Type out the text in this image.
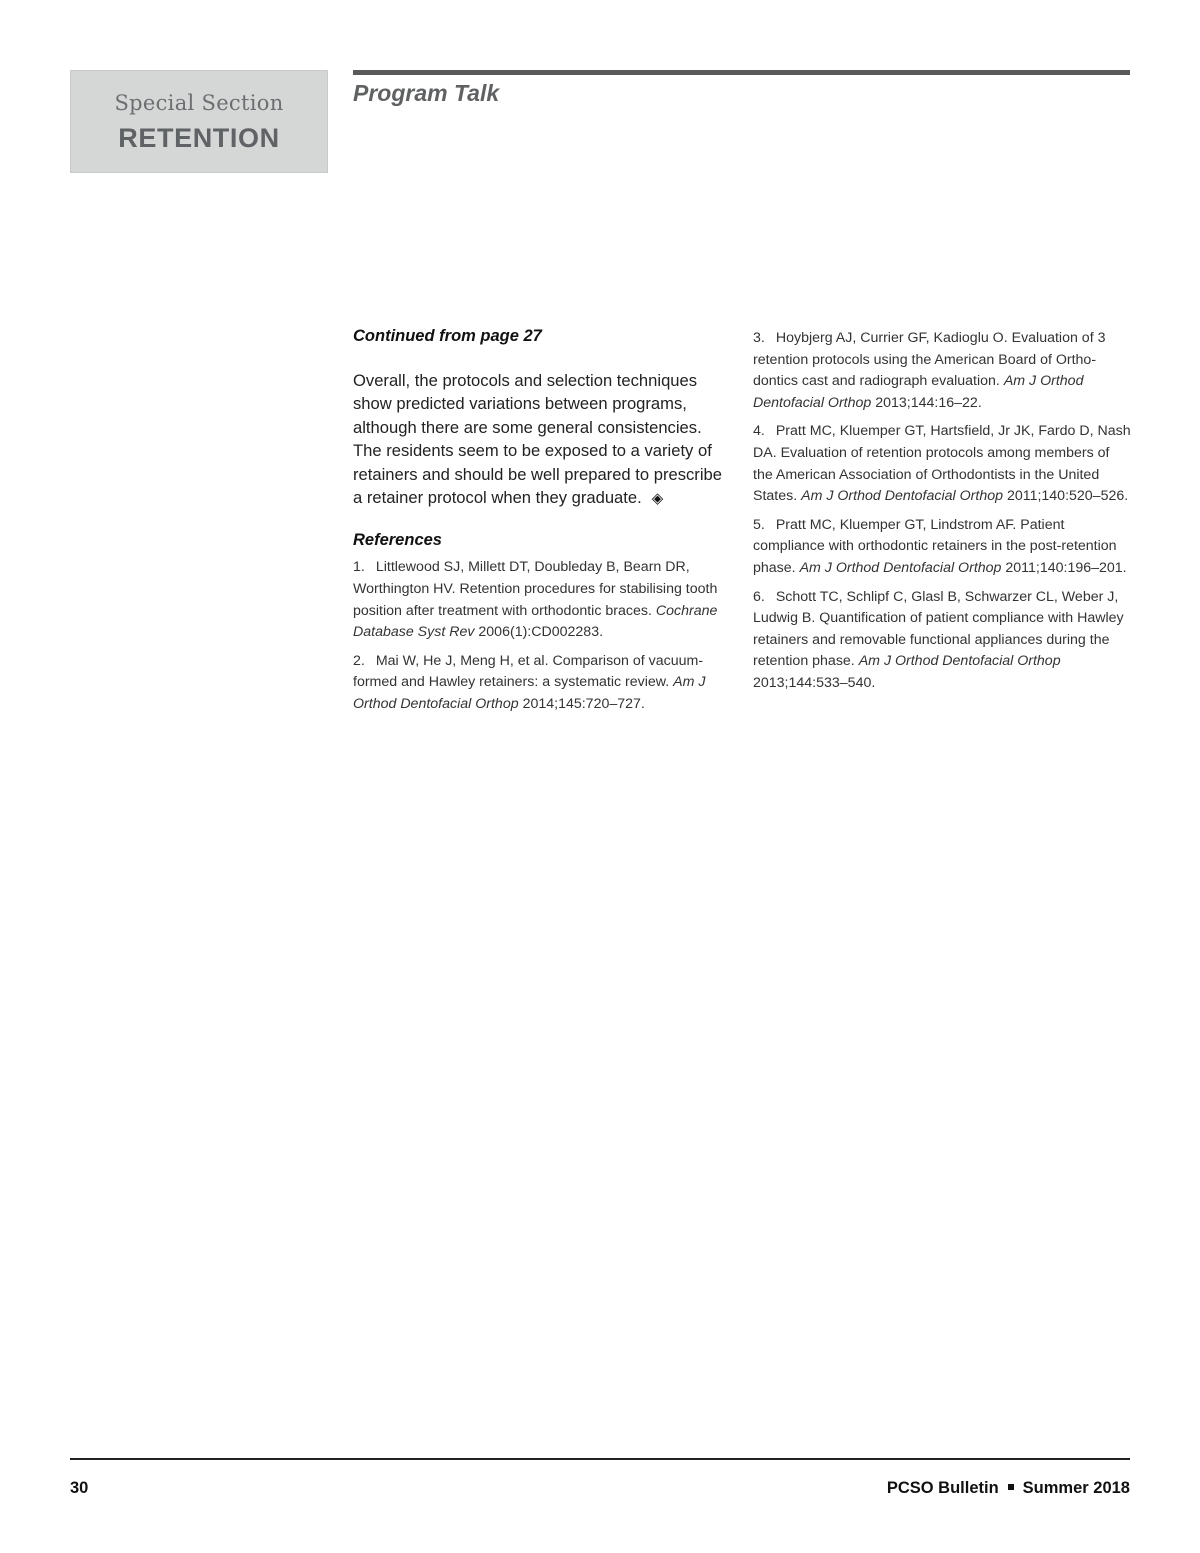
Special Section
RETENTION
Program Talk

Continued from page 27

Overall, the protocols and selection techniques show predicted variations between programs, although there are some general consistencies. The residents seem to be exposed to a variety of retainers and should be well prepared to prescribe a retainer protocol when they graduate. ◈

References

1. Littlewood SJ, Millett DT, Doubleday B, Bearn DR, Worthington HV. Retention procedures for stabilising tooth position after treatment with orthodontic braces. Cochrane Database Syst Rev 2006(1):CD002283.

2. Mai W, He J, Meng H, et al. Comparison of vacuum-formed and Hawley retainers: a systematic review. Am J Orthod Dentofacial Orthop 2014;145:720–727.

3. Hoybjerg AJ, Currier GF, Kadioglu O. Evaluation of 3 retention protocols using the American Board of Ortho-dontics cast and radiograph evaluation. Am J Orthod Dentofacial Orthop 2013;144:16–22.

4. Pratt MC, Kluemper GT, Hartsfield, Jr JK, Fardo D, Nash DA. Evaluation of retention protocols among members of the American Association of Orthodontists in the United States. Am J Orthod Dentofacial Orthop 2011;140:520–526.

5. Pratt MC, Kluemper GT, Lindstrom AF. Patient compliance with orthodontic retainers in the post-retention phase. Am J Orthod Dentofacial Orthop 2011;140:196–201.

6. Schott TC, Schlipf C, Glasl B, Schwarzer CL, Weber J, Ludwig B. Quantification of patient compliance with Hawley retainers and removable functional appliances during the retention phase. Am J Orthod Dentofacial Orthop 2013;144:533–540.

30	PCSO Bulletin Summer 2018
